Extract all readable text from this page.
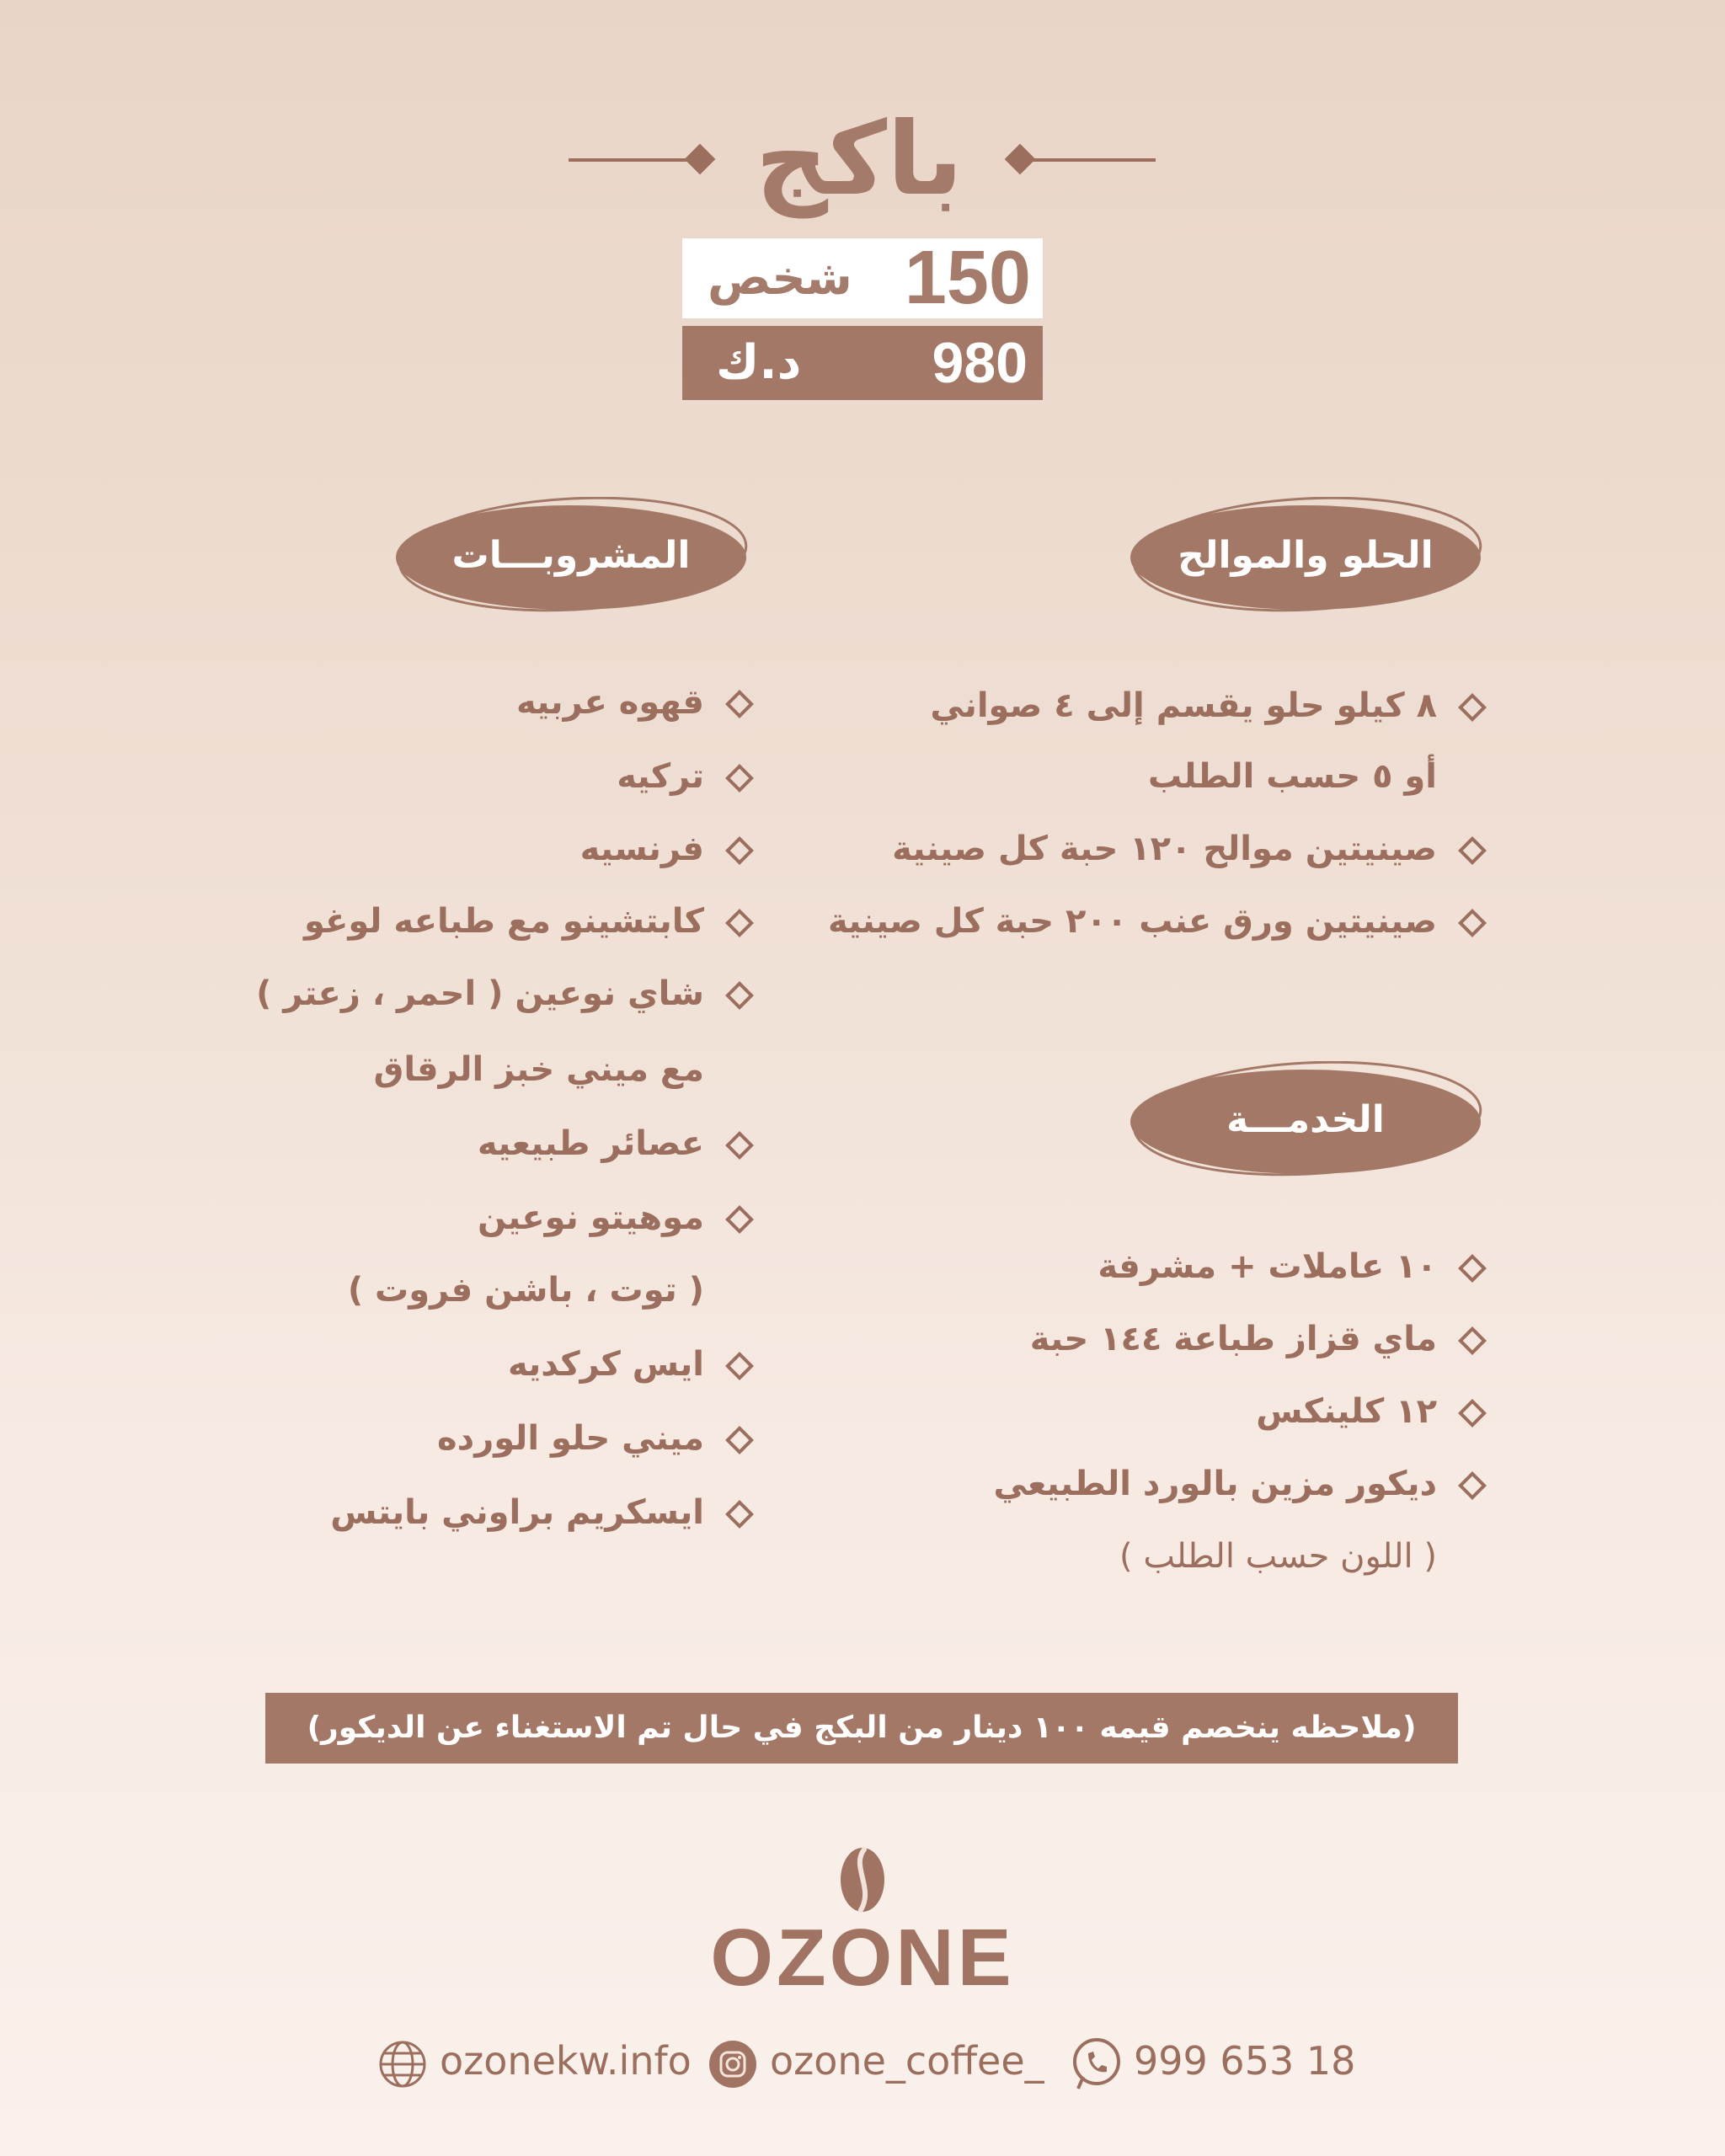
باكج
شخص 150
د.ك 980
الحلو والموالح
المشروبـــات
الخدمـــة
٨ كيلو حلو يقسم إلى ٤ صواني
أو ٥ حسب الطلب
صينيتين موالح ١٢٠ حبة كل صينية
صينيتين ورق عنب ٢٠٠ حبة كل صينية
١٠ عاملات + مشرفة
ماي قزاز طباعة ١٤٤ حبة
١٢ كلينكس
ديكور مزين بالورد الطبيعي
( اللون حسب الطلب )
قهوه عربيه
تركيه
فرنسيه
كابتشينو مع طباعه لوغو
شاي نوعين ( احمر ، زعتر )
مع ميني خبز الرقاق
عصائر طبيعيه
موهيتو نوعين
( توت ، باشن فروت )
ايس كركديه
ميني حلو الورده
ايسكريم براوني بايتس
(ملاحظه ينخصم قيمه ١٠٠ دينار من البكج في حال تم الاستغناء عن الديكور)
OZONE
ozonekw.info	ozone_coffee_	999 653 18
